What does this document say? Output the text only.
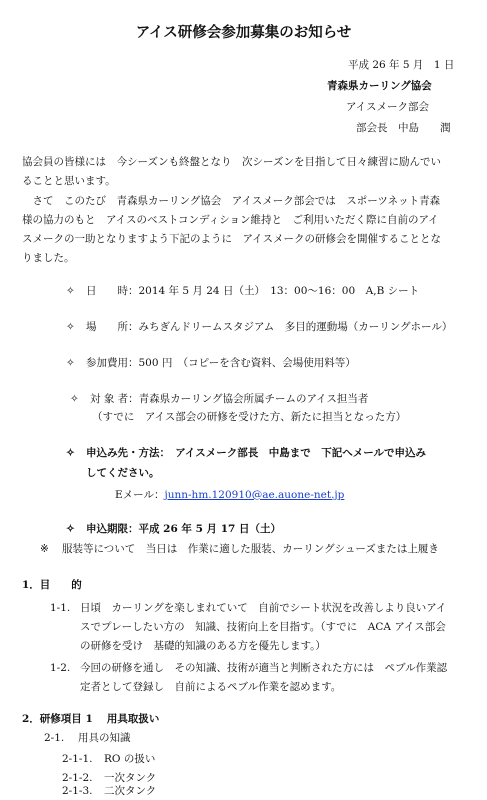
アイス研修会参加募集のお知らせ
平成 26 年 5 月　1 日
青森県カーリング協会
アイスメーク部会
部会長　中島　　潤
協会員の皆様には　今シーズンも終盤となり　次シーズンを目指して日々練習に励んでい
ることと思います。
　さて　このたび　青森県カーリング協会　アイスメーク部会では　スポーツネット青森
様の協力のもと　アイスのベストコンディション維持と　ご利用いただく際に自前のアイ
スメークの一助となりますよう下記のように　アイスメークの研修会を開催することとな
りました。
✧ 日　　時：2014 年 5 月 24 日（土）　13：00～16：00　A,B シート
✧ 場　　所：みちぎんドリームスタジアム　多目的運動場（カーリングホール）
✧ 参加費用：500 円　（コピーを含む資料、会場使用料等）
✧ 対 象 者：青森県カーリング協会所属チームのアイス担当者
（すでに　アイス部会の研修を受けた方、新たに担当となった方）
✧ 申込み先・方法：　アイスメーク部長　中島まで　下記へメールで申込み
してください。
Eメール：junn-hm.120910@ae.auone-net.jp
✧ 申込期限：平成 26 年 5 月 17 日（土）
※ 服装等について　当日は　作業に適した服装、カーリングシューズまたは上履き
1．目　　的
1-1. 日頃　カーリングを楽しまれていて　自前でシート状況を改善しより良いアイ
スでプレーしたい方の　知識、技術向上を目指す。（すでに　ACA アイス部会
の研修を受け　基礎的知識のある方を優先します。）
1-2. 今回の研修を通し　その知識、技術が適当と判断された方には　ペブル作業認
定者として登録し　自前によるペブル作業を認めます。
2．研修項目 1　 用具取扱い
2-1. 用具の知識
2-1-1. RO の扱い
2-1-2. 一次タンク
2-1-3. 二次タンク
